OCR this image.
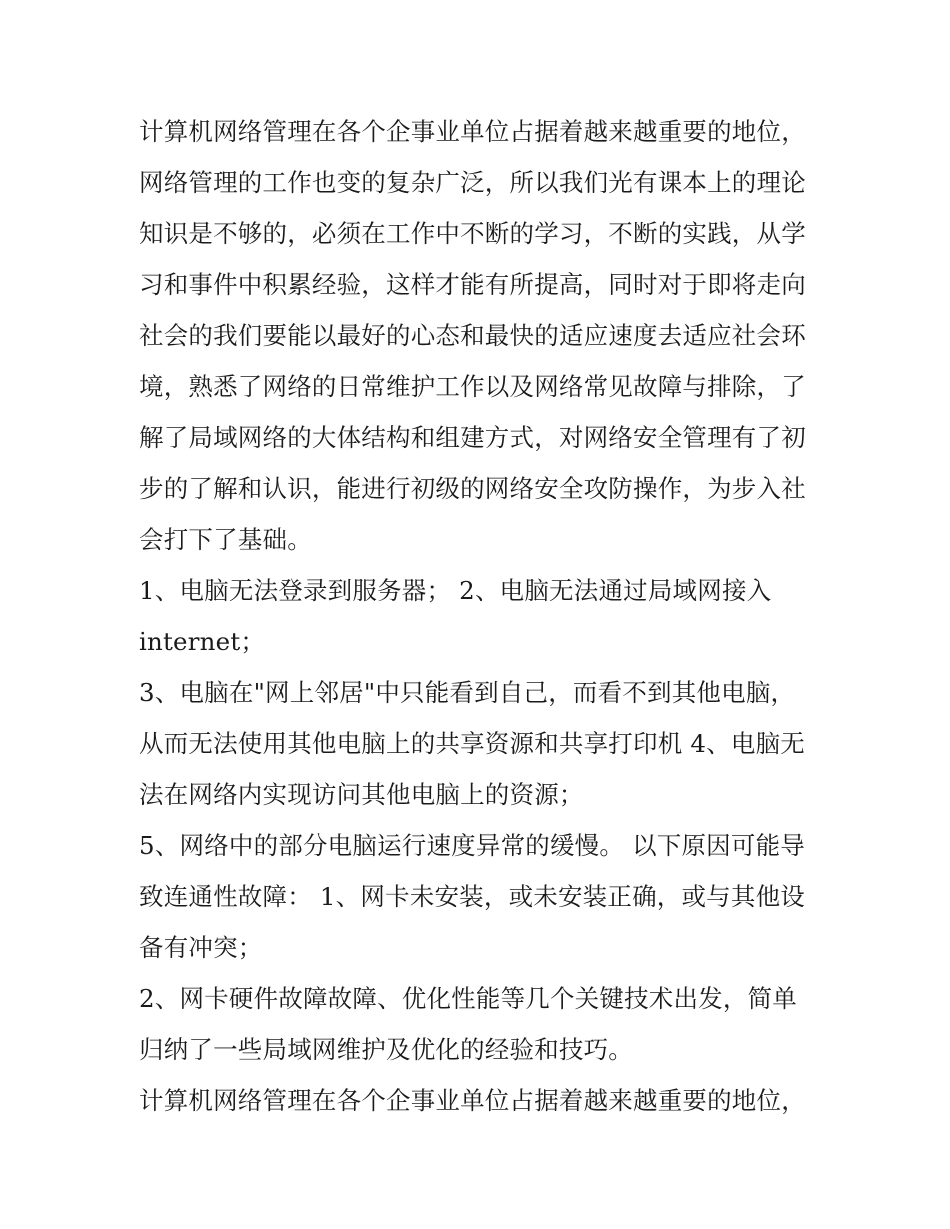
计算机网络管理在各个企事业单位占据着越来越重要的地位，
网络管理的工作也变的复杂广泛，所以我们光有课本上的理论
知识是不够的，必须在工作中不断的学习，不断的实践，从学
习和事件中积累经验，这样才能有所提高，同时对于即将走向
社会的我们要能以最好的心态和最快的适应速度去适应社会环
境，熟悉了网络的日常维护工作以及网络常见故障与排除，了
解了局域网络的大体结构和组建方式，对网络安全管理有了初
步的了解和认识，能进行初级的网络安全攻防操作，为步入社
会打下了基础。
1、电脑无法登录到服务器； 2、电脑无法通过局域网接入
internet；
3、电脑在"网上邻居"中只能看到自己，而看不到其他电脑，
从而无法使用其他电脑上的共享资源和共享打印机 4、电脑无
法在网络内实现访问其他电脑上的资源；
5、网络中的部分电脑运行速度异常的缓慢。 以下原因可能导
致连通性故障： 1、网卡未安装，或未安装正确，或与其他设
备有冲突；
2、网卡硬件故障故障、优化性能等几个关键技术出发，简单
归纳了一些局域网维护及优化的经验和技巧。
计算机网络管理在各个企事业单位占据着越来越重要的地位，
